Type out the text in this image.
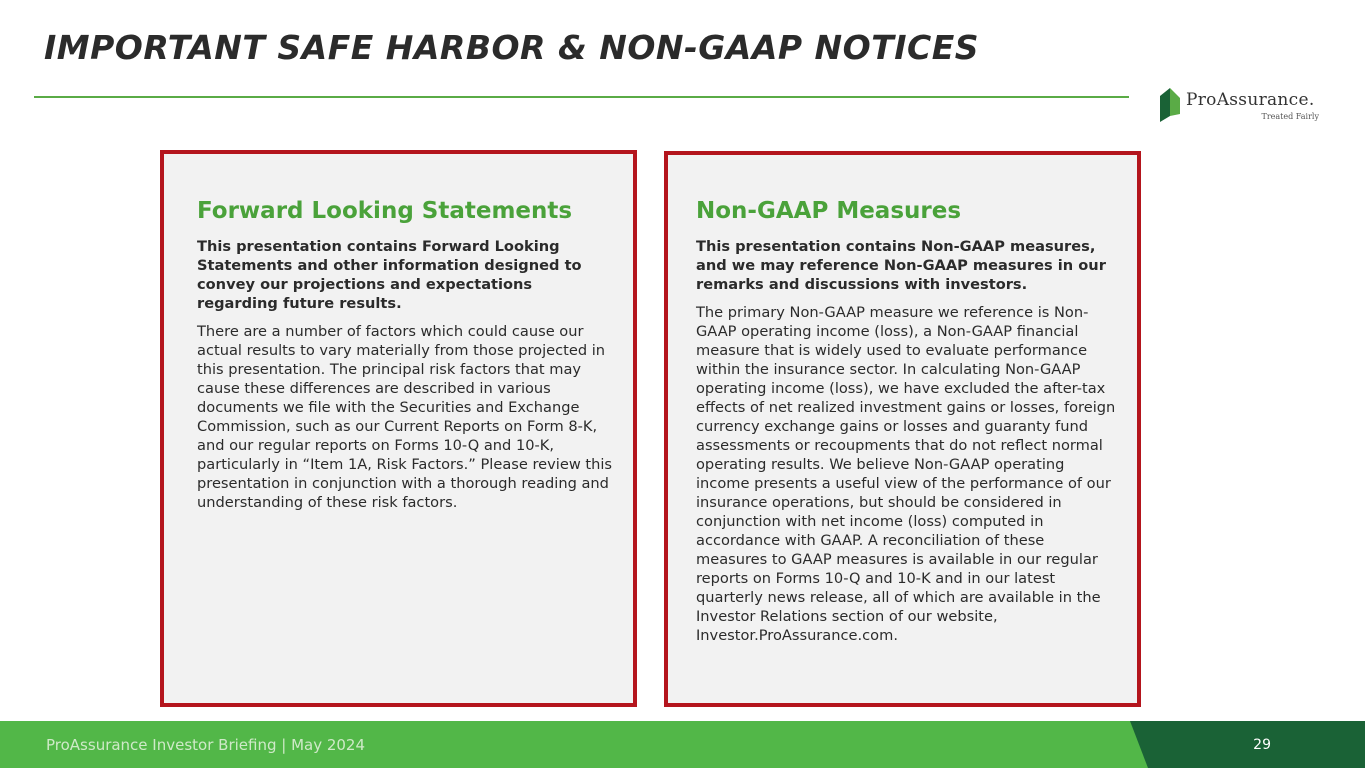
IMPORTANT SAFE HARBOR & NON-GAAP NOTICES
ProAssurance.
Treated Fairly
Forward Looking Statements

This presentation contains Forward Looking Statements and other information designed to convey our projections and expectations regarding future results.

There are a number of factors which could cause our actual results to vary materially from those projected in this presentation. The principal risk factors that may cause these differences are described in various documents we file with the Securities and Exchange Commission, such as our Current Reports on Form 8-K, and our regular reports on Forms 10-Q and 10-K, particularly in “Item 1A, Risk Factors.” Please review this presentation in conjunction with a thorough reading and understanding of these risk factors.

Non-GAAP Measures

This presentation contains Non-GAAP measures, and we may reference Non-GAAP measures in our remarks and discussions with investors.

The primary Non-GAAP measure we reference is Non-GAAP operating income (loss), a Non-GAAP financial measure that is widely used to evaluate performance within the insurance sector. In calculating Non-GAAP operating income (loss), we have excluded the after-tax effects of net realized investment gains or losses, foreign currency exchange gains or losses and guaranty fund assessments or recoupments that do not reflect normal operating results. We believe Non-GAAP operating income presents a useful view of the performance of our insurance operations, but should be considered in conjunction with net income (loss) computed in accordance with GAAP. A reconciliation of these measures to GAAP measures is available in our regular reports on Forms 10-Q and 10-K and in our latest quarterly news release, all of which are available in the Investor Relations section of our website, Investor.ProAssurance.com.

ProAssurance Investor Briefing | May 2024	29
